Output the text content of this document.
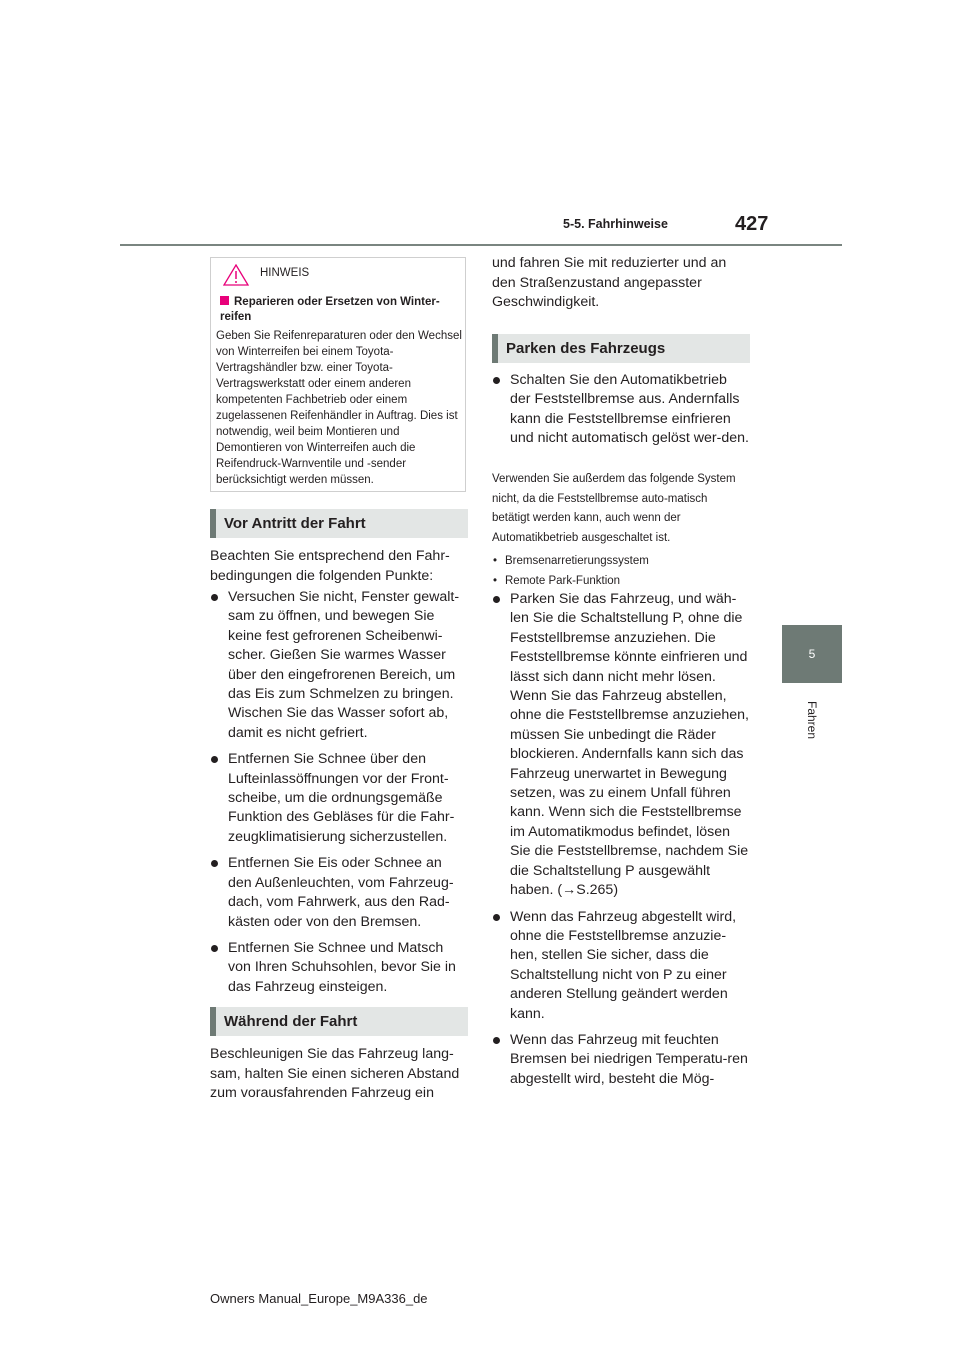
5-5. Fahrhinweise	427
5
Fahren
HINWEIS
Reparieren oder Ersetzen von Winter-reifen
Geben Sie Reifenreparaturen oder den Wechsel von Winterreifen bei einem Toyota-Vertragshändler bzw. einer Toyota-Vertragswerkstatt oder einem anderen kompetenten Fachbetrieb oder einem zugelassenen Reifenhändler in Auftrag. Dies ist notwendig, weil beim Montieren und Demontieren von Winterreifen auch die Reifendruck-Warnventile und -sender berücksichtigt werden müssen.
Vor Antritt der Fahrt
Beachten Sie entsprechend den Fahr-bedingungen die folgenden Punkte:
Versuchen Sie nicht, Fenster gewalt-sam zu öffnen, und bewegen Sie keine fest gefrorenen Scheibenwi-scher. Gießen Sie warmes Wasser über den eingefrorenen Bereich, um das Eis zum Schmelzen zu bringen. Wischen Sie das Wasser sofort ab, damit es nicht gefriert.
Entfernen Sie Schnee über den Lufteinlassöffnungen vor der Front-scheibe, um die ordnungsgemäße Funktion des Gebläses für die Fahr-zeugklimatisierung sicherzustellen.
Entfernen Sie Eis oder Schnee an den Außenleuchten, vom Fahrzeug-dach, vom Fahrwerk, aus den Rad-kästen oder von den Bremsen.
Entfernen Sie Schnee und Matsch von Ihren Schuhsohlen, bevor Sie in das Fahrzeug einsteigen.
Während der Fahrt
Beschleunigen Sie das Fahrzeug lang-sam, halten Sie einen sicheren Abstand zum vorausfahrenden Fahrzeug ein
und fahren Sie mit reduzierter und an den Straßenzustand angepasster Geschwindigkeit.
Parken des Fahrzeugs
Schalten Sie den Automatikbetrieb der Feststellbremse aus. Andernfalls kann die Feststellbremse einfrieren und nicht automatisch gelöst wer-den.
Verwenden Sie außerdem das folgende System nicht, da die Feststellbremse auto-matisch betätigt werden kann, auch wenn der Automatikbetrieb ausgeschaltet ist.
• Bremsenarretierungssystem
• Remote Park-Funktion
Parken Sie das Fahrzeug, und wäh-len Sie die Schaltstellung P, ohne die Feststellbremse anzuziehen. Die Feststellbremse könnte einfrieren und lässt sich dann nicht mehr lösen. Wenn Sie das Fahrzeug abstellen, ohne die Feststellbremse anzuziehen, müssen Sie unbedingt die Räder blockieren. Andernfalls kann sich das Fahrzeug unerwartet in Bewegung setzen, was zu einem Unfall führen kann. Wenn sich die Feststellbremse im Automatikmodus befindet, lösen Sie die Feststellbremse, nachdem Sie die Schaltstellung P ausgewählt haben. (→S.265)
Wenn das Fahrzeug abgestellt wird, ohne die Feststellbremse anzuzie-hen, stellen Sie sicher, dass die Schaltstellung nicht von P zu einer anderen Stellung geändert werden kann.
Wenn das Fahrzeug mit feuchten Bremsen bei niedrigen Temperatu-ren abgestellt wird, besteht die Mög-
Owners Manual_Europe_M9A336_de
